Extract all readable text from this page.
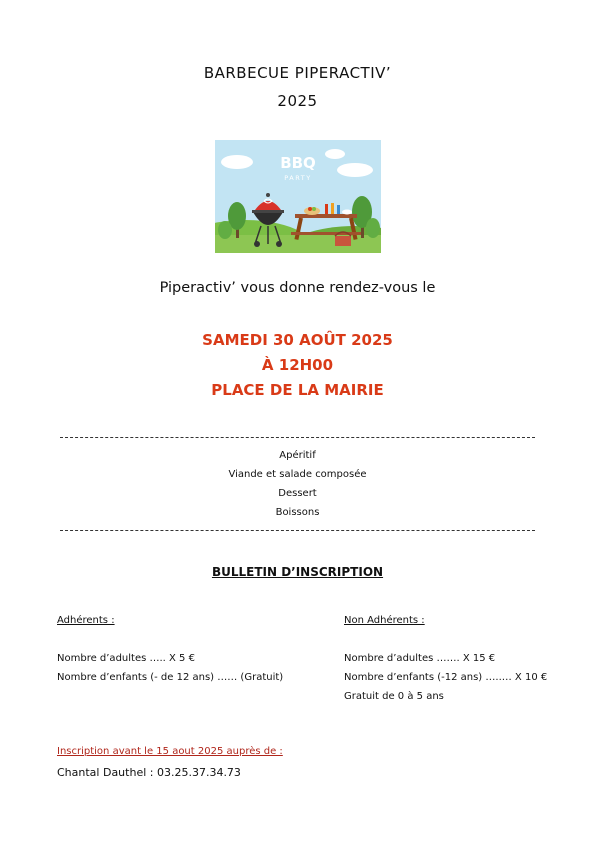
BARBECUE PIPERACTIV’
2025
BBQ
PARTY
Piperactiv’ vous donne rendez-vous le
SAMEDI 30 AOÛT 2025
À 12H00
PLACE DE LA MAIRIE
Apéritif
Viande et salade composée
Dessert
Boissons
BULLETIN D’INSCRIPTION
Adhérents :
Nombre d’adultes ….. X 5 €
Nombre d’enfants (- de 12 ans) …… (Gratuit)
Non Adhérents :
Nombre d’adultes ……. X 15 €
Nombre d’enfants (-12 ans) …..… X 10 €
Gratuit de 0 à 5 ans
Inscription avant le 15 aout 2025 auprès de :
Chantal Dauthel : 03.25.37.34.73
